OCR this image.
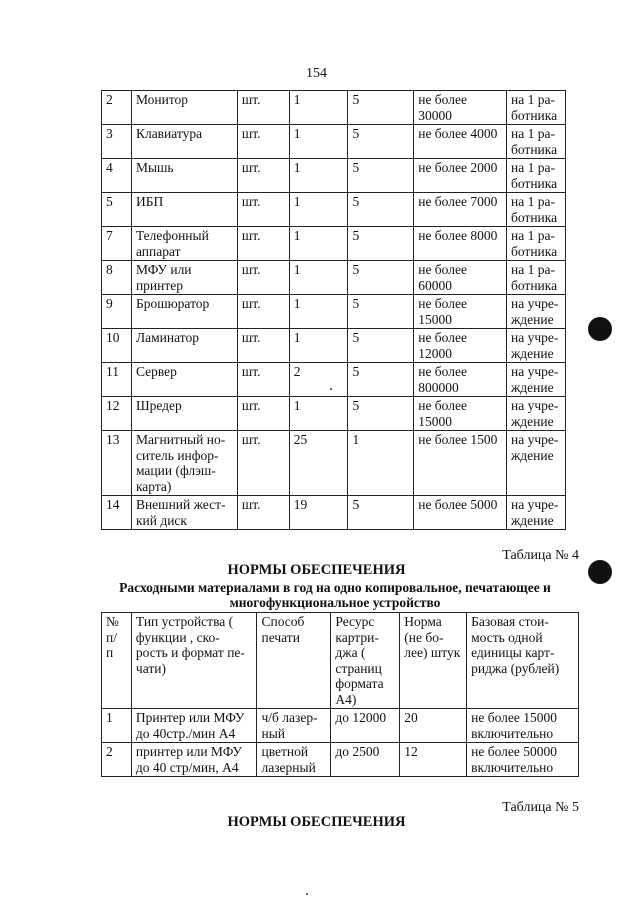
154
2	Монитор	шт.	1	5	не более 30000	на 1 ра- ботника
3	Клавиатура	шт.	1	5	не более 4000	на 1 ра- ботника
4	Мышь	шт.	1	5	не более 2000	на 1 ра- ботника
5	ИБП	шт.	1	5	не более 7000	на 1 ра- ботника
7	Телефонный аппарат	шт.	1	5	не более 8000	на 1 ра- ботника
8	МФУ или принтер	шт.	1	5	не более 60000	на 1 ра- ботника
9	Брошюратор	шт.	1	5	не более 15000	на учре- ждение
10	Ламинатор	шт.	1	5	не более 12000	на учре- ждение
11	Сервер	шт.	2	5	не более 800000	на учре- ждение
12	Шредер	шт.	1	5	не более 15000	на учре- ждение
13	Магнитный но- ситель инфор- мации (флэш- карта)	шт.	25	1	не более 1500	на учре- ждение
14	Внешний жест- кий диск	шт.	19	5	не более 5000	на учре- ждение
Таблица № 4
НОРМЫ ОБЕСПЕЧЕНИЯ
Расходными материалами в год на одно копировальное, печатающее и многофункциональное устройство
№ п/ п	Тип устройства ( функции , ско- рость и формат пе- чати)	Способ печати	Ресурс картри- джа ( страниц формата А4)	Норма (не бо- лее) штук	Базовая стои- мость одной единицы карт- риджа (рублей)
1	Принтер или МФУ до 40стр./мин А4	ч/б лазер- ный	до 12000	20	не более 15000 включительно
2	принтер или МФУ до 40 стр/мин, А4	цветной лазерный	до 2500	12	не более 50000 включительно
Таблица № 5
НОРМЫ ОБЕСПЕЧЕНИЯ
